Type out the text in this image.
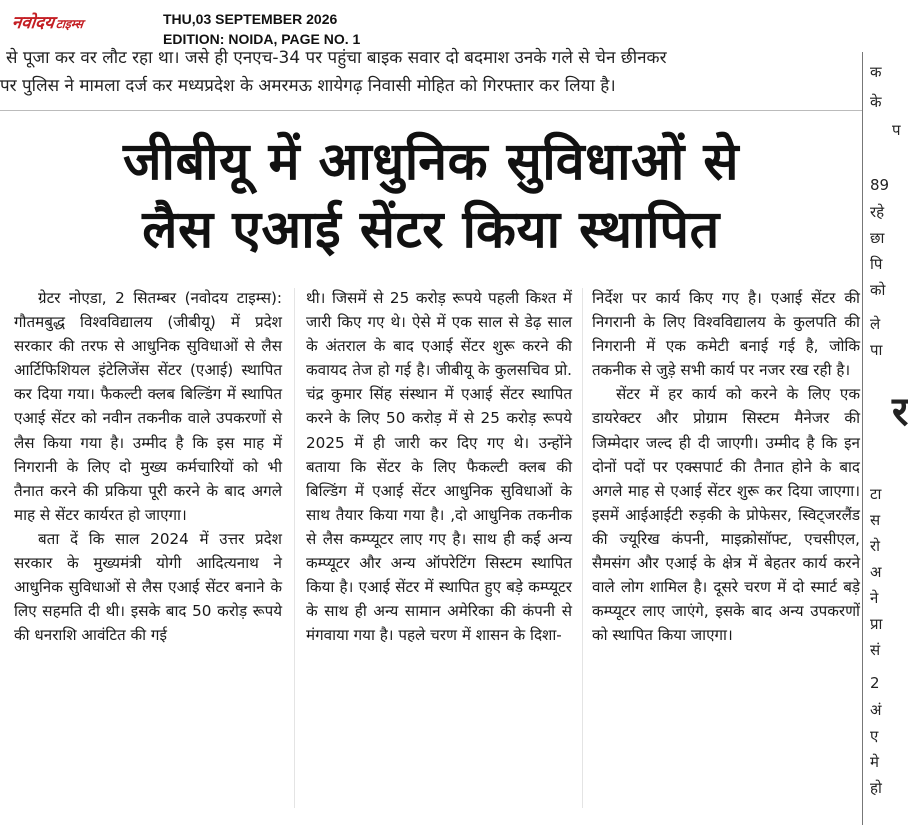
नवोदयटाइम्स	THU,03 SEPTEMBER 2026
EDITION: NOIDA, PAGE NO. 1
से पूजा कर वर लौट रहा था। जसे ही एनएच-34 पर पहुंचा बाइक सवार दो बदमाश उनके गले से चेन छीनकर
पर पुलिस ने मामला दर्ज कर मध्यप्रदेश के अमरमऊ शायेगढ़ निवासी मोहित को गिरफ्तार कर लिया है।
जीबीयू में आधुनिक सुविधाओं से
लैस एआई सेंटर किया स्थापित

ग्रेटर नोएडा, 2 सितम्बर (नवोदय टाइम्स): गौतमबुद्ध विश्वविद्यालय (जीबीयू) में प्रदेश सरकार की तरफ से आधुनिक सुविधाओं से लैस आर्टिफिशियल इंटेलिजेंस सेंटर (एआई) स्थापित कर दिया गया। फैकल्टी क्लब बिल्डिंग में स्थापित एआई सेंटर को नवीन तकनीक वाले उपकरणों से लैस किया गया है। उम्मीद है कि इस माह में निगरानी के लिए दो मुख्य कर्मचारियों को भी तैनात करने की प्रकिया पूरी करने के बाद अगले माह से सेंटर कार्यरत हो जाएगा।

बता दें कि साल 2024 में उत्तर प्रदेश सरकार के मुख्यमंत्री योगी आदित्यनाथ ने आधुनिक सुविधाओं से लैस एआई सेंटर बनाने के लिए सहमति दी थी। इसके बाद 50 करोड़ रूपये की धनराशि आवंटित की गई

थी। जिसमें से 25 करोड़ रूपये पहली किश्त में जारी किए गए थे। ऐसे में एक साल से डेढ़ साल के अंतराल के बाद एआई सेंटर शुरू करने की कवायद तेज हो गई है। जीबीयू के कुलसचिव प्रो. चंद्र कुमार सिंह संस्थान में एआई सेंटर स्थापित करने के लिए 50 करोड़ में से 25 करोड़ रूपये 2025 में ही जारी कर दिए गए थे। उन्होंने बताया कि सेंटर के लिए फैकल्टी क्लब की बिल्डिंग में एआई सेंटर आधुनिक सुविधाओं के साथ तैयार किया गया है। ,दो आधुनिक तकनीक से लैस कम्प्यूटर लाए गए है। साथ ही कई अन्य कम्प्यूटर और अन्य ऑपरेटिंग सिस्टम स्थापित किया है। एआई सेंटर में स्थापित हुए बड़े कम्प्यूटर के साथ ही अन्य सामान अमेरिका की कंपनी से मंगवाया गया है। पहले चरण में शासन के दिशा-

निर्देश पर कार्य किए गए है। एआई सेंटर की निगरानी के लिए विश्वविद्यालय के कुलपति की निगरानी में एक कमेटी बनाई गई है, जोकि तकनीक से जुड़े सभी कार्य पर नजर रख रही है।

सेंटर में हर कार्य को करने के लिए एक डायरेक्टर और प्रोग्राम सिस्टम मैनेजर की जिम्मेदार जल्द ही दी जाएगी। उम्मीद है कि इन दोनों पदों पर एक्सपार्ट की तैनात होने के बाद अगले माह से एआई सेंटर शुरू कर दिया जाएगा। इसमें आईआईटी रुड़की के प्रोफेसर, स्विट्जरलैंड की ज्यूरिख कंपनी, माइक्रोसॉफ्ट, एचसीएल, सैमसंग और एआई के क्षेत्र में बेहतर कार्य करने वाले लोग शामिल है। दूसरे चरण में दो स्मार्ट बड़े कम्प्यूटर लाए जाएंगे, इसके बाद अन्य उपकरणों को स्थापित किया जाएगा।

क
के
प
89
रहे
छा
पि
को
ले
पा
र
टा
स
रो
अ
ने
प्रा
सं
2
अं
ए
मे
हो
